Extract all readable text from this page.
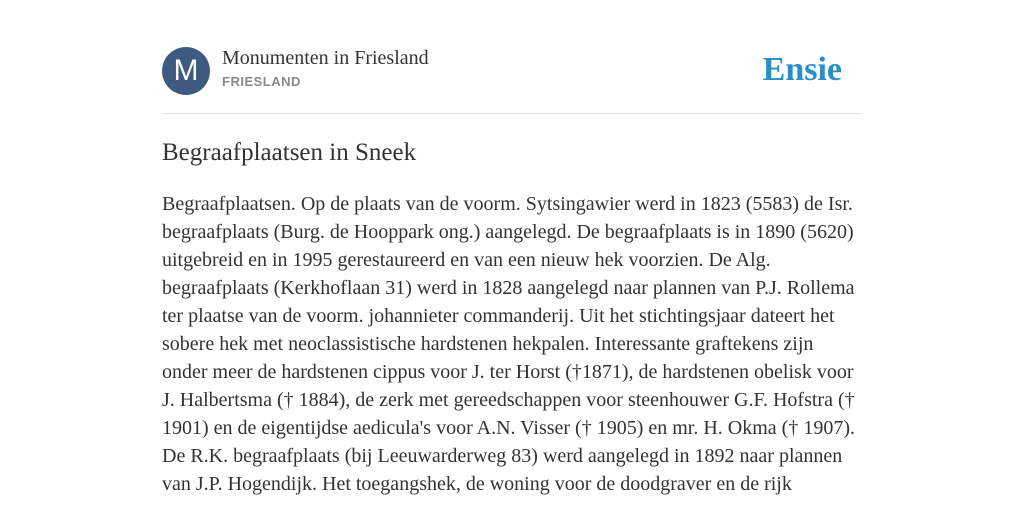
M	Monumenten in Friesland
FRIESLAND	Ensie
Begraafplaatsen in Sneek

Begraafplaatsen. Op de plaats van de voorm. Sytsingawier werd in 1823 (5583) de Isr. begraafplaats (Burg. de Hooppark ong.) aangelegd. De begraafplaats is in 1890 (5620) uitgebreid en in 1995 gerestaureerd en van een nieuw hek voorzien. De Alg. begraafplaats (Kerkhoflaan 31) werd in 1828 aangelegd naar plannen van P.J. Rollema ter plaatse van de voorm. johannieter commanderij. Uit het stichtingsjaar dateert het sobere hek met neoclassistische hardstenen hekpalen. Interessante graftekens zijn onder meer de hardstenen cippus voor J. ter Horst (†1871), de hardstenen obelisk voor J. Halbertsma († 1884), de zerk met gereedschappen voor steenhouwer G.F. Hofstra († 1901) en de eigentijdse aedicula's voor A.N. Visser († 1905) en mr. H. Okma († 1907). De R.K. begraafplaats (bij Leeuwarderweg 83) werd aangelegd in 1892 naar plannen van J.P. Hogendijk. Het toegangshek, de woning voor de doodgraver en de rijk
